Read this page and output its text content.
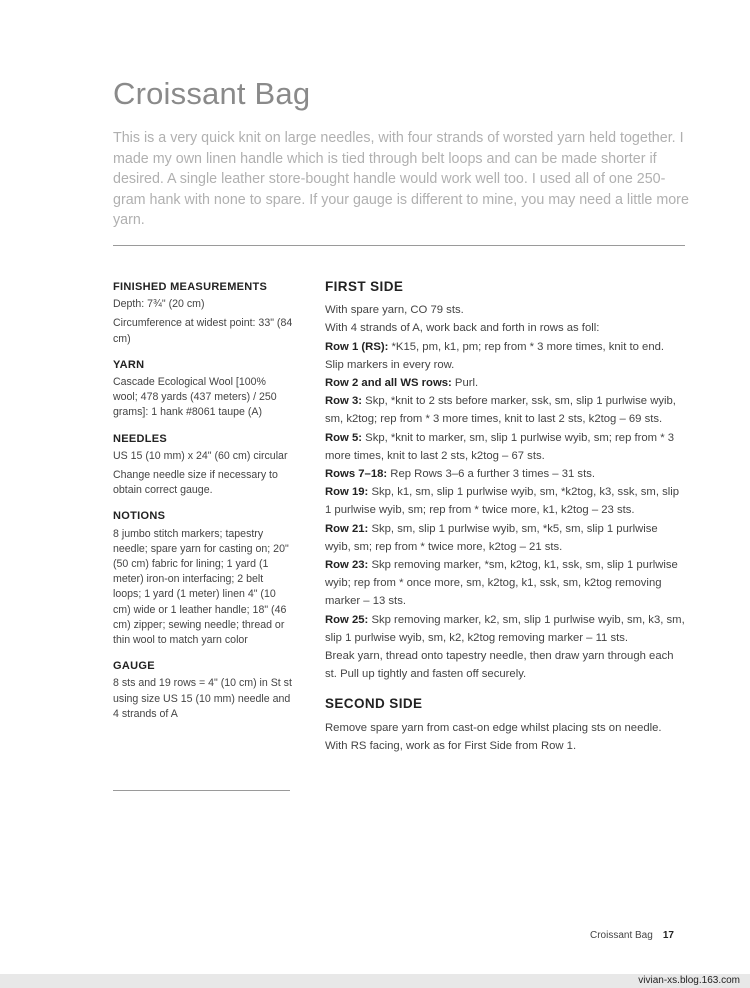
Croissant Bag

This is a very quick knit on large needles, with four strands of worsted yarn held together. I made my own linen handle which is tied through belt loops and can be made shorter if desired. A single leather store-bought handle would work well too. I used all of one 250-gram hank with none to spare. If your gauge is different to mine, you may need a little more yarn.

FINISHED MEASUREMENTS

Depth: 7¾" (20 cm)

Circumference at widest point: 33" (84 cm)

YARN

Cascade Ecological Wool [100% wool; 478 yards (437 meters) / 250 grams]: 1 hank #8061 taupe (A)

NEEDLES

US 15 (10 mm) x 24" (60 cm) circular

Change needle size if necessary to obtain correct gauge.

NOTIONS

8 jumbo stitch markers; tapestry needle; spare yarn for casting on; 20" (50 cm) fabric for lining; 1 yard (1 meter) iron-on interfacing; 2 belt loops; 1 yard (1 meter) linen 4" (10 cm) wide or 1 leather handle; 18" (46 cm) zipper; sewing needle; thread or thin wool to match yarn color

GAUGE

8 sts and 19 rows = 4" (10 cm) in St st using size US 15 (10 mm) needle and 4 strands of A

FIRST SIDE

With spare yarn, CO 79 sts.

With 4 strands of A, work back and forth in rows as foll:

Row 1 (RS): *K15, pm, k1, pm; rep from * 3 more times, knit to end.

Slip markers in every row.

Row 2 and all WS rows: Purl.

Row 3: Skp, *knit to 2 sts before marker, ssk, sm, slip 1 purlwise wyib, sm, k2tog; rep from * 3 more times, knit to last 2 sts, k2tog – 69 sts.

Row 5: Skp, *knit to marker, sm, slip 1 purlwise wyib, sm; rep from * 3 more times, knit to last 2 sts, k2tog – 67 sts.

Rows 7–18: Rep Rows 3–6 a further 3 times – 31 sts.

Row 19: Skp, k1, sm, slip 1 purlwise wyib, sm, *k2tog, k3, ssk, sm, slip 1 purlwise wyib, sm; rep from * twice more, k1, k2tog – 23 sts.

Row 21: Skp, sm, slip 1 purlwise wyib, sm, *k5, sm, slip 1 purlwise wyib, sm; rep from * twice more, k2tog – 21 sts.

Row 23: Skp removing marker, *sm, k2tog, k1, ssk, sm, slip 1 purlwise wyib; rep from * once more, sm, k2tog, k1, ssk, sm, k2tog removing marker – 13 sts.

Row 25: Skp removing marker, k2, sm, slip 1 purlwise wyib, sm, k3, sm, slip 1 purlwise wyib, sm, k2, k2tog removing marker – 11 sts.

Break yarn, thread onto tapestry needle, then draw yarn through each st. Pull up tightly and fasten off securely.

SECOND SIDE

Remove spare yarn from cast-on edge whilst placing sts on needle.

With RS facing, work as for First Side from Row 1.

Croissant Bag 17
vivian-xs.blog.163.com
